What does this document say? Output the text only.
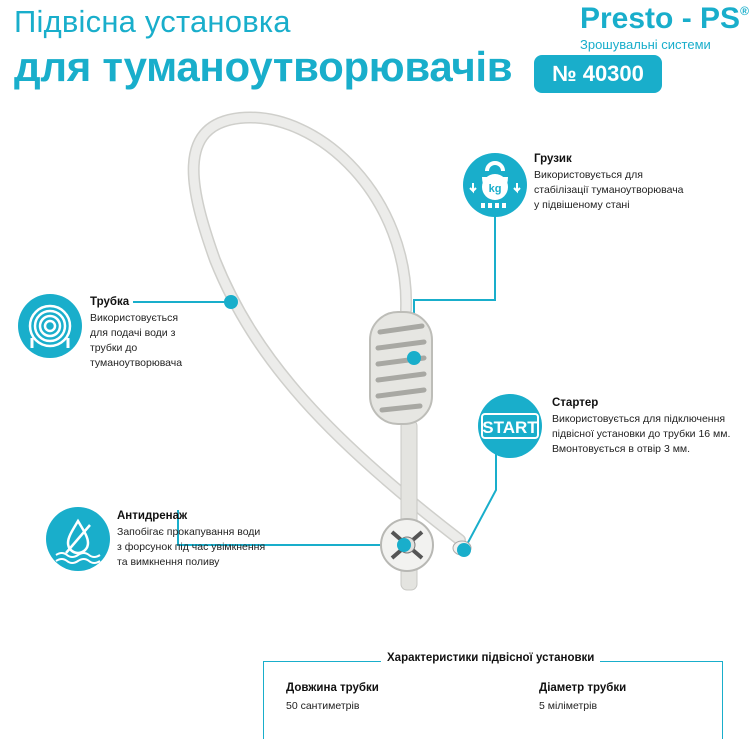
Підвісна установка
для туманоутворювачів	№ 40300
Presto - PS®
Зрошувальні системи
kg
Грузик
Використовується для
стабілізації туманоутворювача
у підвішеному стані
Трубка
Використовується
для подачі води з
трубки до
туманоутворювача
START
Стартер
Використовується для підключення
підвісної установки до трубки 16 мм.
Вмонтовується в отвір 3 мм.
Антидренаж
Запобігає прокапування води
з форсунок під час увімкнення
та вимкнення поливу
Характеристики підвісної установки
Довжина трубки
50 сантиметрів
Діаметр трубки
5 міліметрів
